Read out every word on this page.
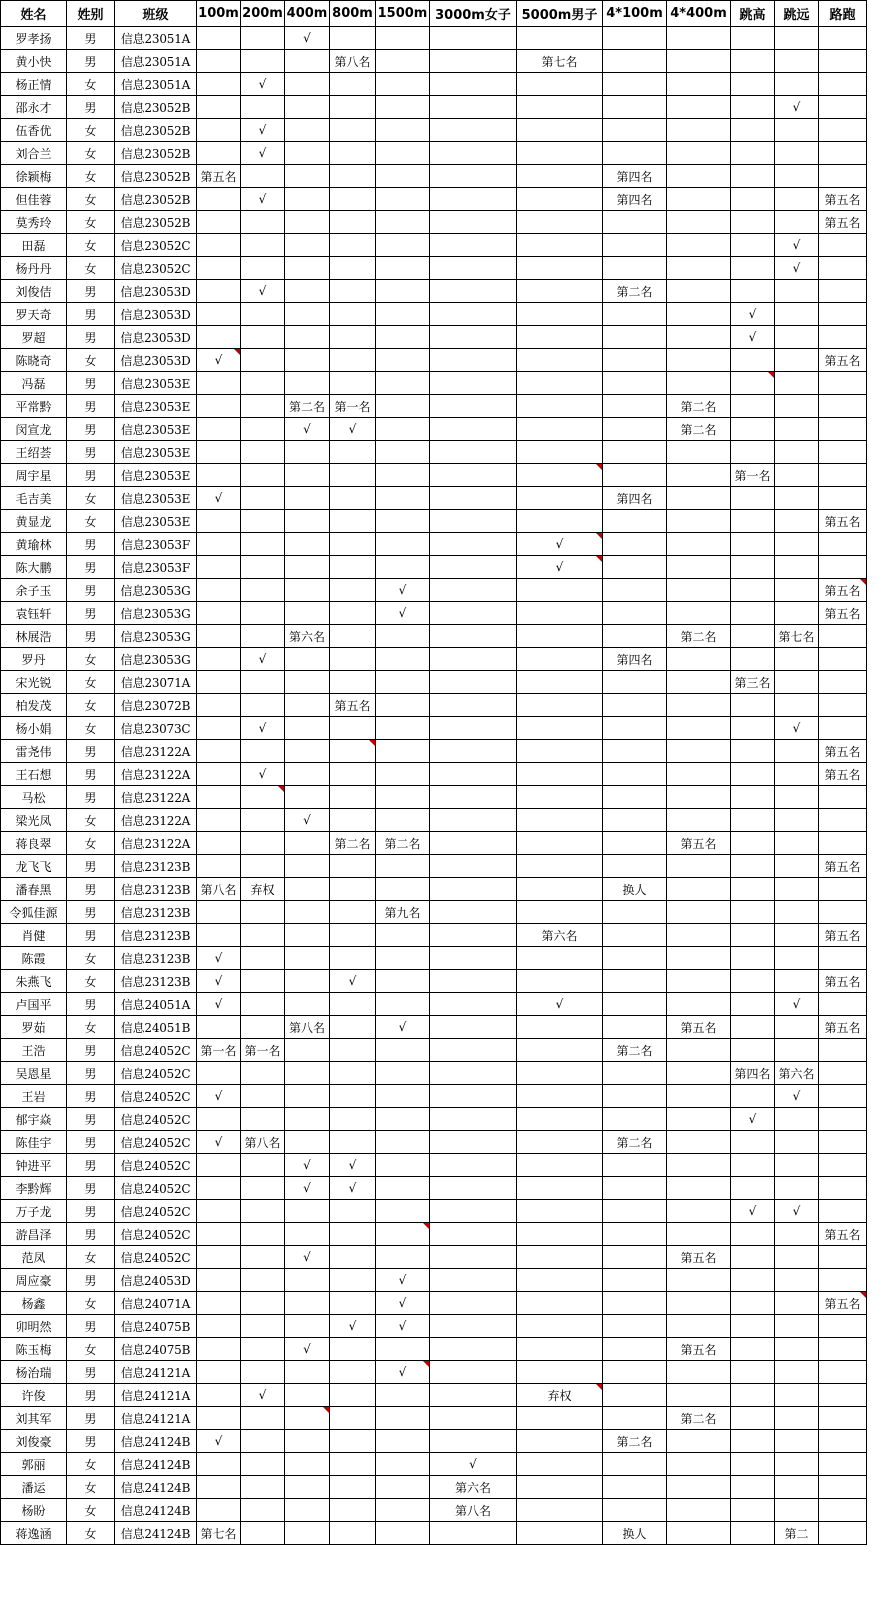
姓名	姓别	班级	100m	200m	400m	800m	1500m	3000m女子	5000m男子	4*100m	4*400m	跳高	跳远	路跑
罗孝扬	男	信息23051A			√									
黄小快	男	信息23051A				第八名			第七名					
杨正情	女	信息23051A		√										
邵永才	男	信息23052B											√	
伍香优	女	信息23052B		√										
刘合兰	女	信息23052B		√										
徐颖梅	女	信息23052B	第五名							第四名				
但佳蓉	女	信息23052B		√						第四名				第五名
莫秀玲	女	信息23052B												第五名
田磊	女	信息23052C											√	
杨丹丹	女	信息23052C											√	
刘俊佶	男	信息23053D		√						第二名				
罗天奇	男	信息23053D										√		
罗超	男	信息23053D										√		
陈晓奇	女	信息23053D	√											第五名
冯磊	男	信息23053E										

平常黔	男	信息23053E			第二名	第一名					第二名			
闵宣龙	男	信息23053E			√	√					第二名			
王绍荟	男	信息23053E												
周宇星	男	信息23053E										第一名		
毛吉美	女	信息23053E	√							第四名				
黄显龙	女	信息23053E												第五名
黄瑜林	男	信息23053F							√

陈大鹏	男	信息23053F							√

余子玉	男	信息23053G					√							第五名

袁钰轩	男	信息23053G					√							第五名
林展浩	男	信息23053G			第六名						第二名		第七名	
罗丹	女	信息23053G		√						第四名				
宋光锐	女	信息23071A										第三名		
柏发茂	女	信息23072B				第五名								
杨小娟	女	信息23073C		√									√	
雷尧伟	男	信息23122A												第五名
王石想	男	信息23122A		√										第五名
马松	男	信息23122A		

梁光凤	女	信息23122A			√									
蒋良翠	女	信息23122A				第二名	第二名				第五名			
龙飞飞	男	信息23123B												第五名
潘春黑	男	信息23123B	第八名	弃权						换人				
令狐佳源	男	信息23123B					第九名							
肖健	男	信息23123B							第六名					第五名
陈霞	女	信息23123B	√											
朱燕飞	女	信息23123B	√			√								第五名
卢国平	男	信息24051A	√						√				√	
罗茹	女	信息24051B			第八名		√				第五名			第五名
王浩	男	信息24052C	第一名	第一名						第二名				
吴恩星	男	信息24052C										第四名	第六名	
王岩	男	信息24052C	√										√	
郁宇焱	男	信息24052C										√		
陈佳宇	男	信息24052C	√	第八名						第二名				
钟进平	男	信息24052C			√	√								
李黔辉	男	信息24052C			√	√								
万子龙	男	信息24052C										√	√	
游昌泽	男	信息24052C												第五名
范凤	女	信息24052C			√						第五名			
周应豪	男	信息24053D					√							
杨鑫	女	信息24071A					√							第五名

卯明然	男	信息24075B				√	√							
陈玉梅	女	信息24075B			√						第五名			
杨治瑞	男	信息24121A					√

许俊	男	信息24121A		√					弃权

刘其军	男	信息24121A									第二名			
刘俊豪	男	信息24124B	√							第二名				
郭丽	女	信息24124B						√						
潘运	女	信息24124B						第六名						
杨盼	女	信息24124B						第八名						
蒋逸涵	女	信息24124B	第七名							换人			第二	
